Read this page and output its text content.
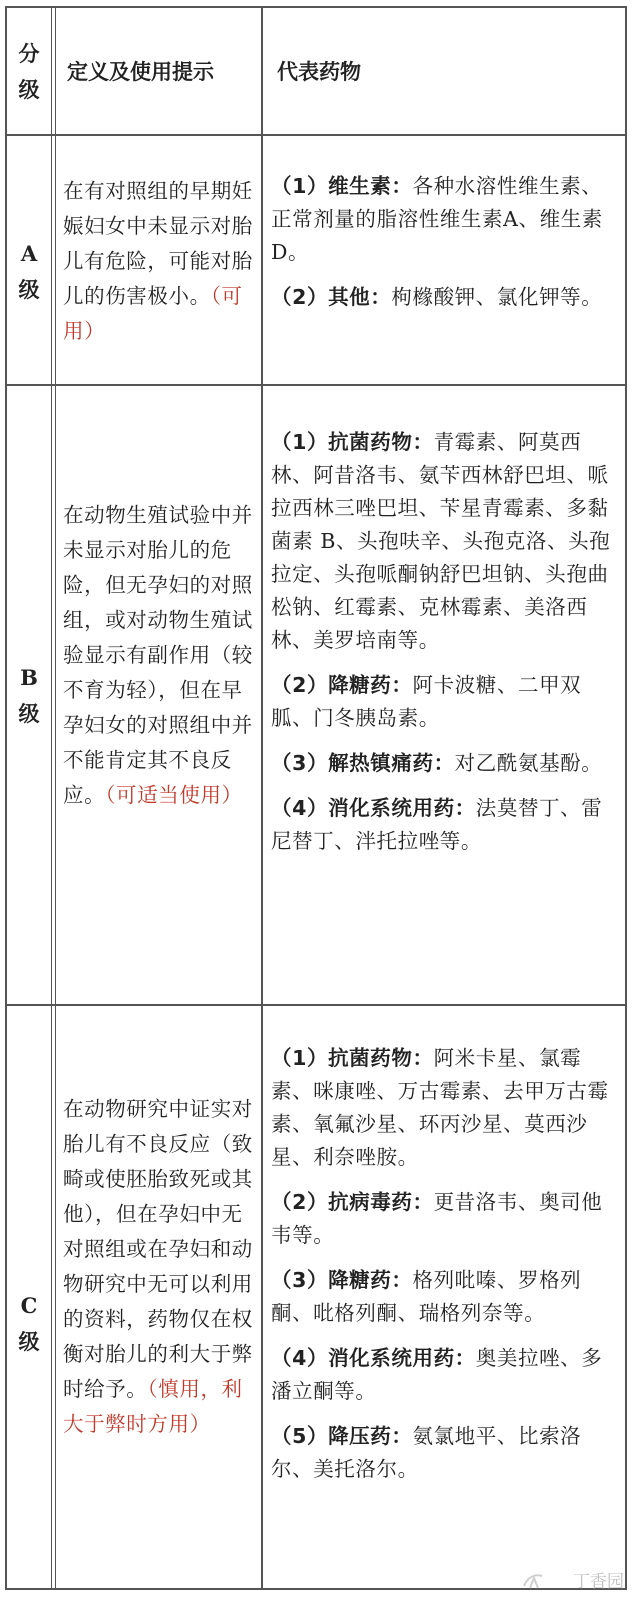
分级
定义及使用提示	代表药物
A级
在有对照组的早期妊娠妇女中未显示对胎儿有危险，可能对胎儿的伤害极小。（可用）
（1）维生素：各种水溶性维生素、正常剂量的脂溶性维生素A、维生素 D。
（2）其他：枸橼酸钾、氯化钾等。
B级
在动物生殖试验中并未显示对胎儿的危险，但无孕妇的对照组，或对动物生殖试验显示有副作用（较不育为轻），但在早孕妇女的对照组中并不能肯定其不良反应。（可适当使用）
（1）抗菌药物：青霉素、阿莫西林、阿昔洛韦、氨苄西林舒巴坦、哌拉西林三唑巴坦、苄星青霉素、多黏菌素 B、头孢呋辛、头孢克洛、头孢拉定、头孢哌酮钠舒巴坦钠、头孢曲松钠、红霉素、克林霉素、美洛西林、美罗培南等。
（2）降糖药：阿卡波糖、二甲双胍、门冬胰岛素。
（3）解热镇痛药：对乙酰氨基酚。
（4）消化系统用药：法莫替丁、雷尼替丁、泮托拉唑等。
C级
在动物研究中证实对胎儿有不良反应（致畸或使胚胎致死或其他），但在孕妇中无对照组或在孕妇和动物研究中无可以利用的资料，药物仅在权衡对胎儿的利大于弊时给予。（慎用，利大于弊时方用）
（1）抗菌药物：阿米卡星、氯霉素、咪康唑、万古霉素、去甲万古霉素、氧氟沙星、环丙沙星、莫西沙星、利奈唑胺。
（2）抗病毒药：更昔洛韦、奥司他韦等。
（3）降糖药：格列吡嗪、罗格列酮、吡格列酮、瑞格列奈等。
（4）消化系统用药：奥美拉唑、多潘立酮等。
（5）降压药：氨氯地平、比索洛尔、美托洛尔。
丁香园
